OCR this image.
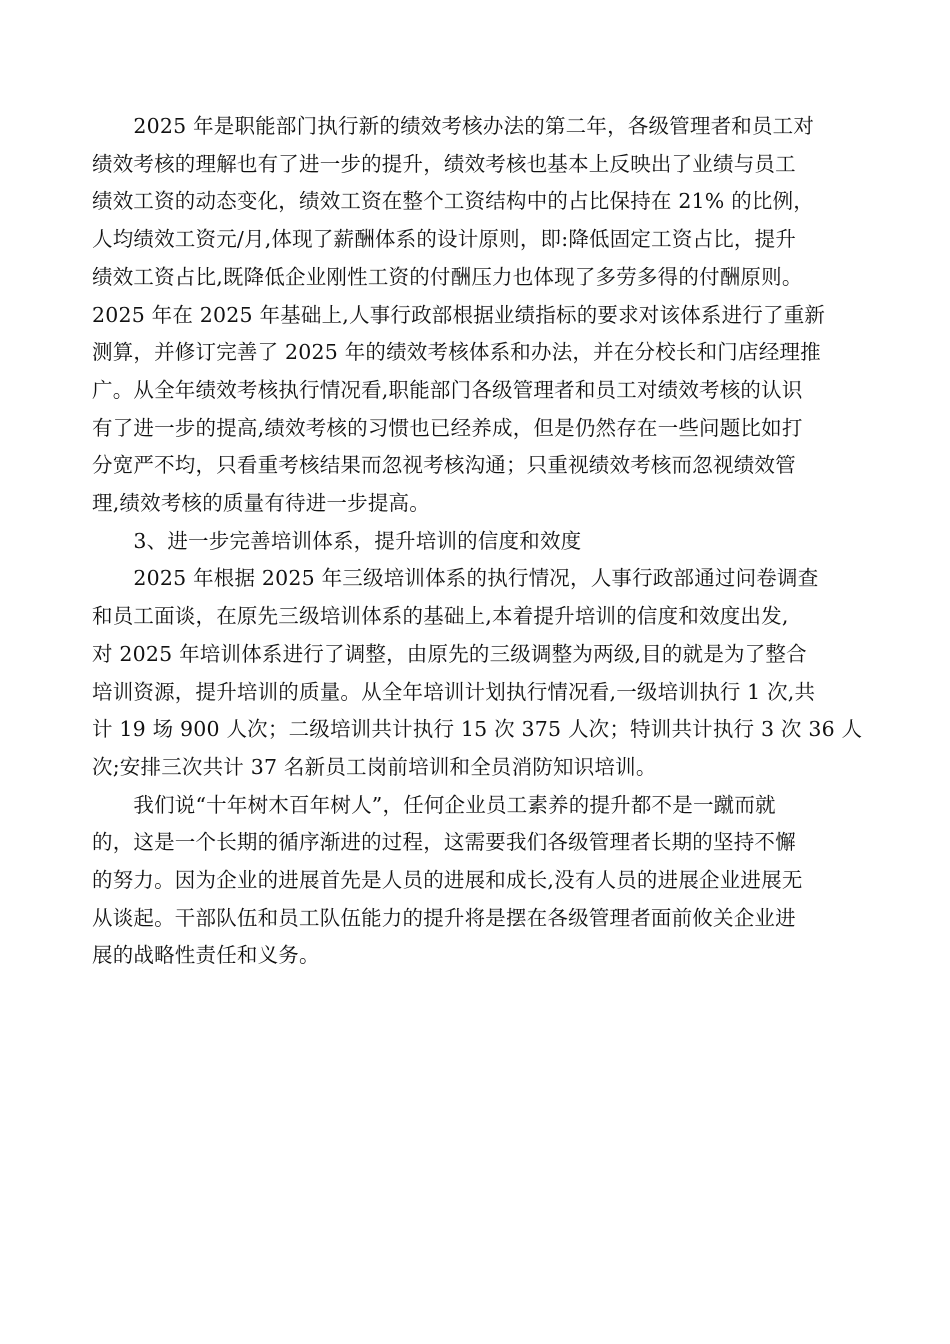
　　2025 年是职能部门执行新的绩效考核办法的第二年，各级管理者和员工对
绩效考核的理解也有了进一步的提升，绩效考核也基本上反映出了业绩与员工
绩效工资的动态变化，绩效工资在整个工资结构中的占比保持在 21% 的比例，
人均绩效工资元/月,体现了薪酬体系的设计原则，即:降低固定工资占比，提升
绩效工资占比,既降低企业刚性工资的付酬压力也体现了多劳多得的付酬原则。
2025 年在 2025 年基础上,人事行政部根据业绩指标的要求对该体系进行了重新
测算，并修订完善了 2025 年的绩效考核体系和办法，并在分校长和门店经理推
广。从全年绩效考核执行情况看,职能部门各级管理者和员工对绩效考核的认识
有了进一步的提高,绩效考核的习惯也已经养成，但是仍然存在一些问题比如打
分宽严不均，只看重考核结果而忽视考核沟通；只重视绩效考核而忽视绩效管
理,绩效考核的质量有待进一步提高。

　　3、进一步完善培训体系，提升培训的信度和效度

　　2025 年根据 2025 年三级培训体系的执行情况，人事行政部通过问卷调查
和员工面谈，在原先三级培训体系的基础上,本着提升培训的信度和效度出发,
对 2025 年培训体系进行了调整，由原先的三级调整为两级,目的就是为了整合
培训资源，提升培训的质量。从全年培训计划执行情况看,一级培训执行 1 次,共
计 19 场 900 人次；二级培训共计执行 15 次 375 人次；特训共计执行 3 次 36 人
次;安排三次共计 37 名新员工岗前培训和全员消防知识培训。

　　我们说“十年树木百年树人”，任何企业员工素养的提升都不是一蹴而就
的，这是一个长期的循序渐进的过程，这需要我们各级管理者长期的坚持不懈
的努力。因为企业的进展首先是人员的进展和成长,没有人员的进展企业进展无
从谈起。干部队伍和员工队伍能力的提升将是摆在各级管理者面前攸关企业进
展的战略性责任和义务。
